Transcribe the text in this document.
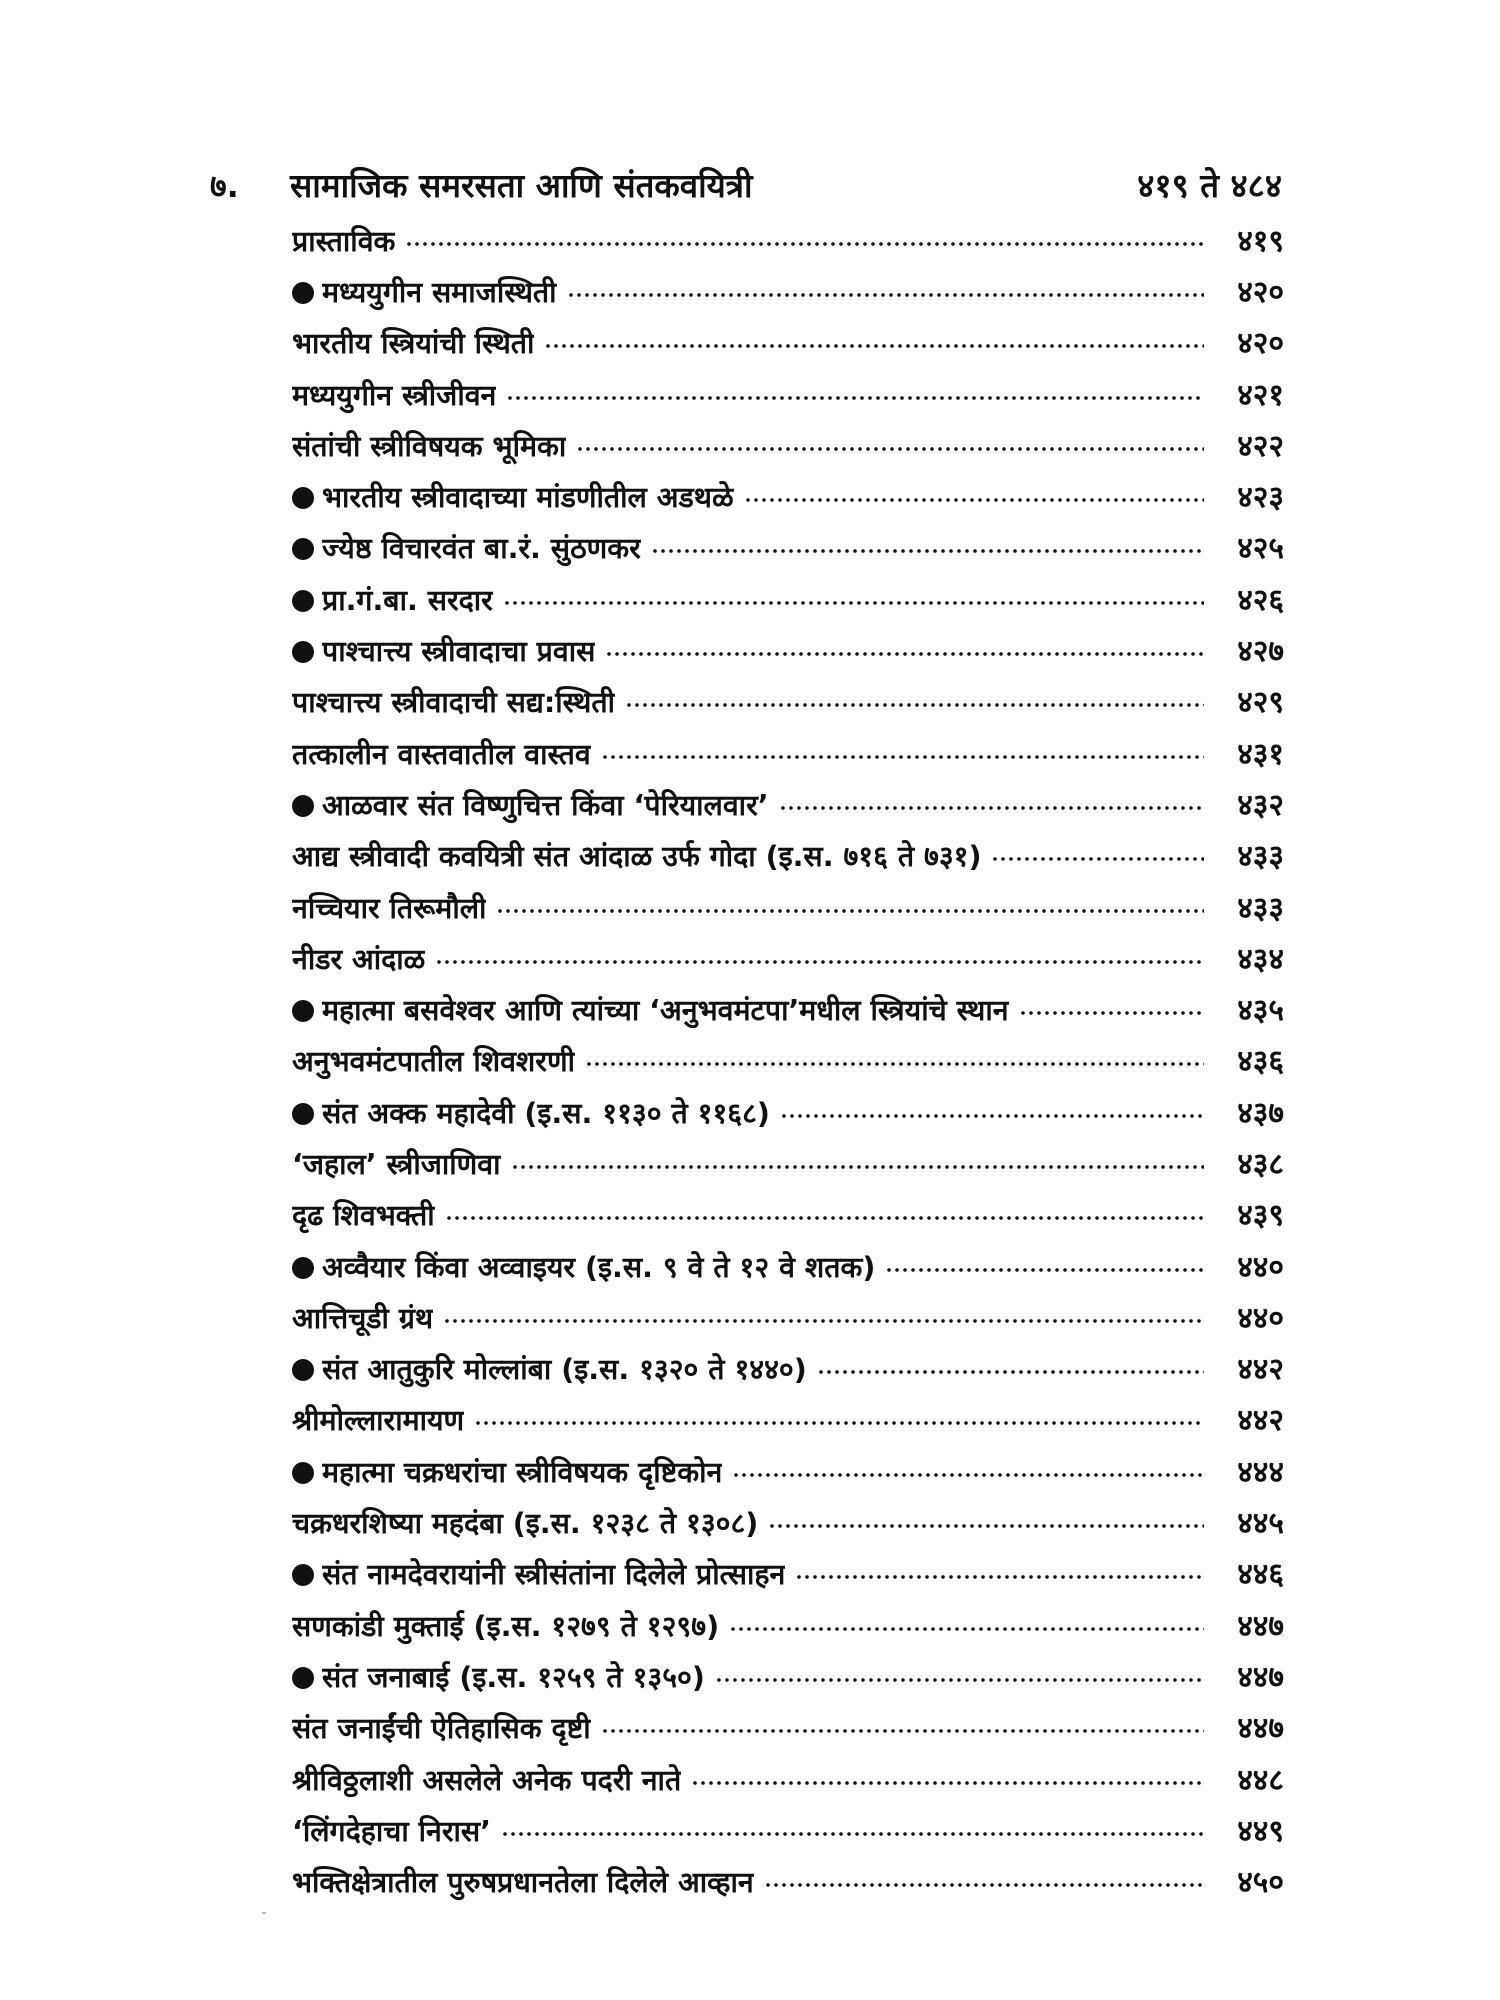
७. सामाजिक समरसता आणि संतकवयित्री	४१९ ते ४८४
प्रास्ताविक	४१९
मध्ययुगीन समाजस्थिती	४२०
भारतीय स्त्रियांची स्थिती	४२०
मध्ययुगीन स्त्रीजीवन	४२१
संतांची स्त्रीविषयक भूमिका	४२२
भारतीय स्त्रीवादाच्या मांडणीतील अडथळे	४२३
ज्येष्ठ विचारवंत बा.रं. सुंठणकर	४२५
प्रा.गं.बा. सरदार	४२६
पाश्चात्त्य स्त्रीवादाचा प्रवास	४२७
पाश्चात्त्य स्त्रीवादाची सद्य:स्थिती	४२९
तत्कालीन वास्तवातील वास्तव	४३१
आळवार संत विष्णुचित्त किंवा ‘पेरियालवार’	४३२
आद्य स्त्रीवादी कवयित्री संत आंदाळ उर्फ गोदा (इ.स. ७१६ ते ७३१)	४३३
नच्चियार तिरूमौली	४३३
नीडर आंदाळ	४३४
महात्मा बसवेश्वर आणि त्यांच्या ‘अनुभवमंटपा’मधील स्त्रियांचे स्थान	४३५
अनुभवमंटपातील शिवशरणी	४३६
संत अक्क महादेवी (इ.स. ११३० ते ११६८)	४३७
‘जहाल’ स्त्रीजाणिवा	४३८
दृढ शिवभक्ती	४३९
अव्वैयार किंवा अव्वाइयर (इ.स. ९ वे ते १२ वे शतक)	४४०
आत्तिचूडी ग्रंथ	४४०
संत आतुकुरि मोल्लांबा (इ.स. १३२० ते १४४०)	४४२
श्रीमोल्लारामायण	४४२
महात्मा चक्रधरांचा स्त्रीविषयक दृष्टिकोन	४४४
चक्रधरशिष्या महदंबा (इ.स. १२३८ ते १३०८)	४४५
संत नामदेवरायांनी स्त्रीसंतांना दिलेले प्रोत्साहन	४४६
सणकांडी मुक्ताई (इ.स. १२७९ ते १२९७)	४४७
संत जनाबाई (इ.स. १२५९ ते १३५०)	४४७
संत जनाईंची ऐतिहासिक दृष्टी	४४७
श्रीविठ्ठलाशी असलेले अनेक पदरी नाते	४४८
‘लिंगदेहाचा निरास’	४४९
भक्तिक्षेत्रातील पुरुषप्रधानतेला दिलेले आव्हान	४५०
